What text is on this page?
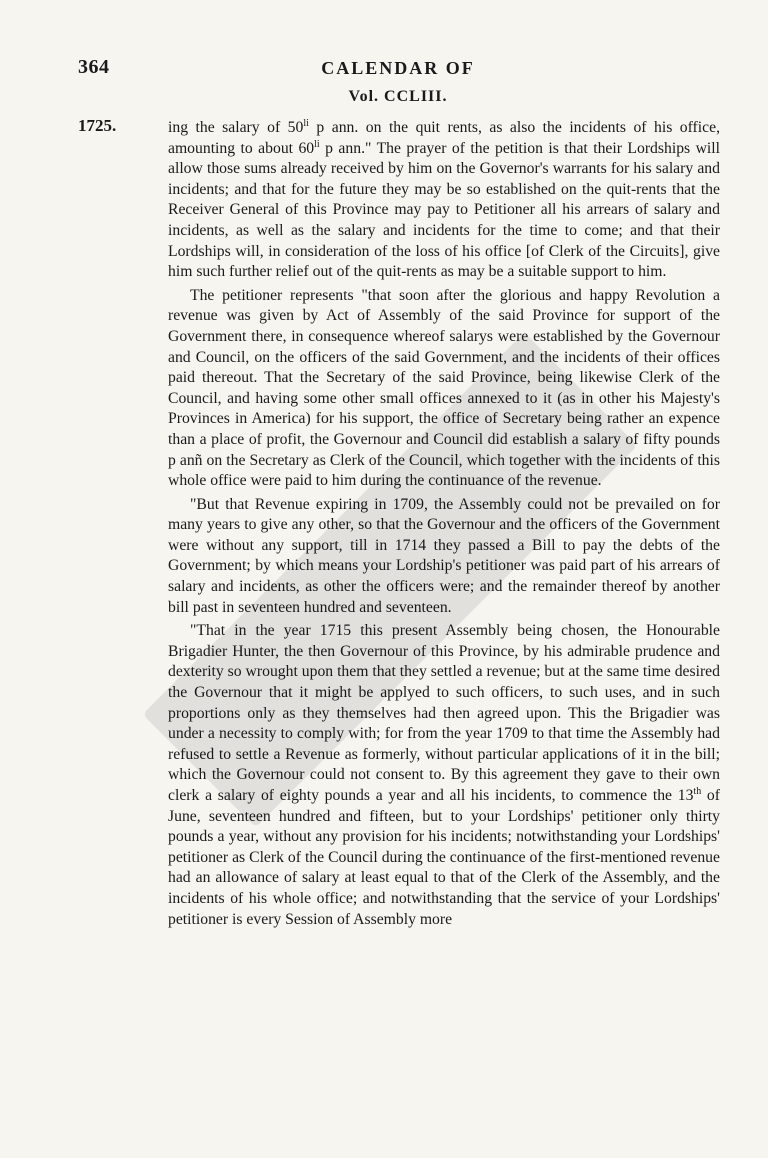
364	CALENDAR OF
Vol. CCLIII.
1725.	ing the salary of $50^{li}$ p ann. on the quit rents, as also the incidents of his office, amounting to about $60^{li}$ p ann." The prayer of the petition is that their Lordships will allow those sums already received by him on the Governor's warrants for his salary and incidents; and that for the future they may be so established on the quit-rents that the Receiver General of this Province may pay to Petitioner all his arrears of salary and incidents, as well as the salary and incidents for the time to come; and that their Lordships will, in consideration of the loss of his office [of Clerk of the Circuits], give him such further relief out of the quit-rents as may be a suitable support to him.

The petitioner represents "that soon after the glorious and happy Revolution a revenue was given by Act of Assembly of the said Province for support of the Government there, in consequence whereof salarys were established by the Governour and Council, on the officers of the said Government, and the incidents of their offices paid thereout. That the Secretary of the said Province, being likewise Clerk of the Council, and having some other small offices annexed to it (as in other his Majesty's Provinces in America) for his support, the office of Secretary being rather an expence than a place of profit, the Governour and Council did establish a salary of fifty pounds p anñ on the Secretary as Clerk of the Council, which together with the incidents of this whole office were paid to him during the continuance of the revenue.

"But that Revenue expiring in 1709, the Assembly could not be prevailed on for many years to give any other, so that the Governour and the officers of the Government were without any support, till in 1714 they passed a Bill to pay the debts of the Government; by which means your Lordship's petitioner was paid part of his arrears of salary and incidents, as other the officers were; and the remainder thereof by another bill past in seventeen hundred and seventeen.

"That in the year 1715 this present Assembly being chosen, the Honourable Brigadier Hunter, the then Governour of this Province, by his admirable prudence and dexterity so wrought upon them that they settled a revenue; but at the same time desired the Governour that it might be applyed to such officers, to such uses, and in such proportions only as they themselves had then agreed upon. This the Brigadier was under a necessity to comply with; for from the year 1709 to that time the Assembly had refused to settle a Revenue as formerly, without particular applications of it in the bill; which the Governour could not consent to. By this agreement they gave to their own clerk a salary of eighty pounds a year and all his incidents, to commence the 13th of June, seventeen hundred and fifteen, but to your Lordships' petitioner only thirty pounds a year, without any provision for his incidents; notwithstanding your Lordships' petitioner as Clerk of the Council during the continuance of the first-mentioned revenue had an allowance of salary at least equal to that of the Clerk of the Assembly, and the incidents of his whole office; and notwithstanding that the service of your Lordships' petitioner is every Session of Assembly more
